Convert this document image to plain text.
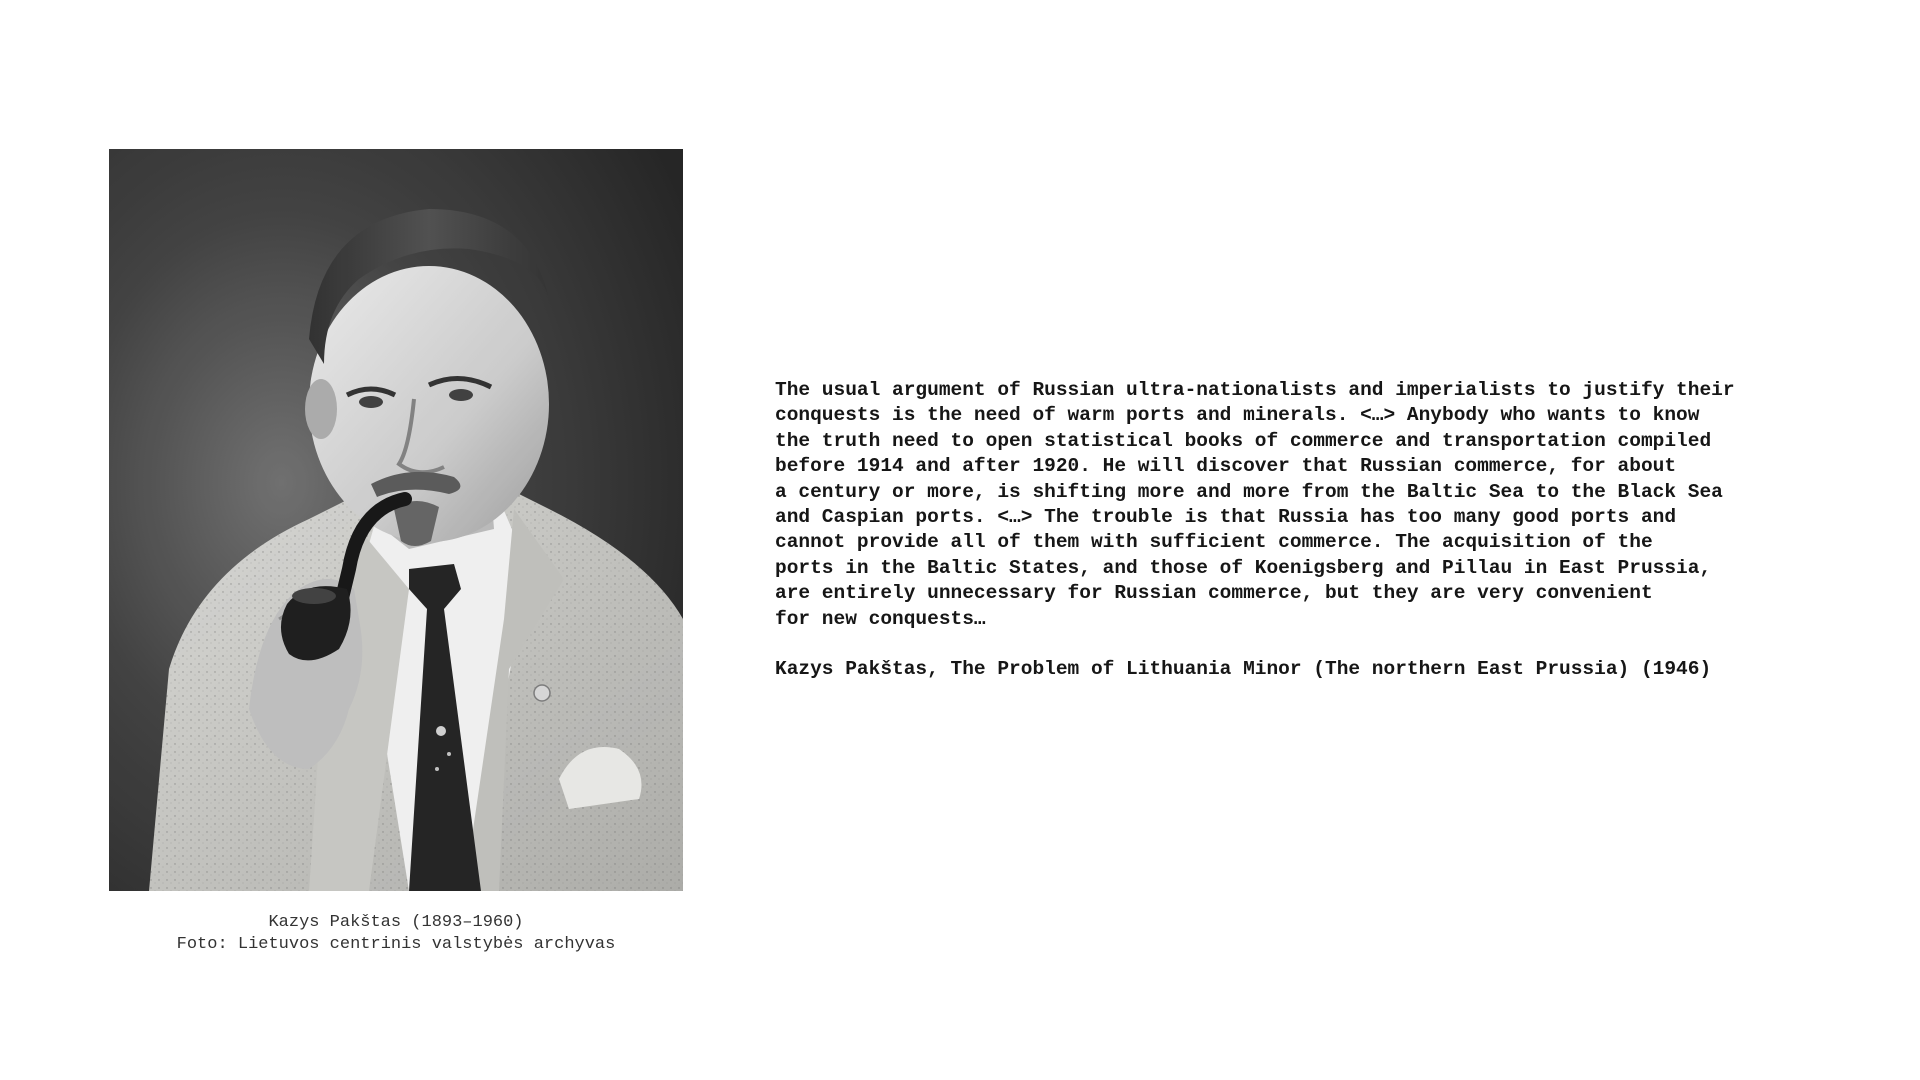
Kazys Pakštas (1893–1960)
Foto: Lietuvos centrinis valstybės archyvas
The usual argument of Russian ultra-nationalists and imperialists to justify their
conquests is the need of warm ports and minerals. <…> Anybody who wants to know
the truth need to open statistical books of commerce and transportation compiled
before 1914 and after 1920. He will discover that Russian commerce, for about
a century or more, is shifting more and more from the Baltic Sea to the Black Sea
and Caspian ports. <…> The trouble is that Russia has too many good ports and
cannot provide all of them with sufficient commerce. The acquisition of the
ports in the Baltic States, and those of Koenigsberg and Pillau in East Prussia,
are entirely unnecessary for Russian commerce, but they are very convenient
for new conquests…
Kazys Pakštas, The Problem of Lithuania Minor (The northern East Prussia) (1946)
